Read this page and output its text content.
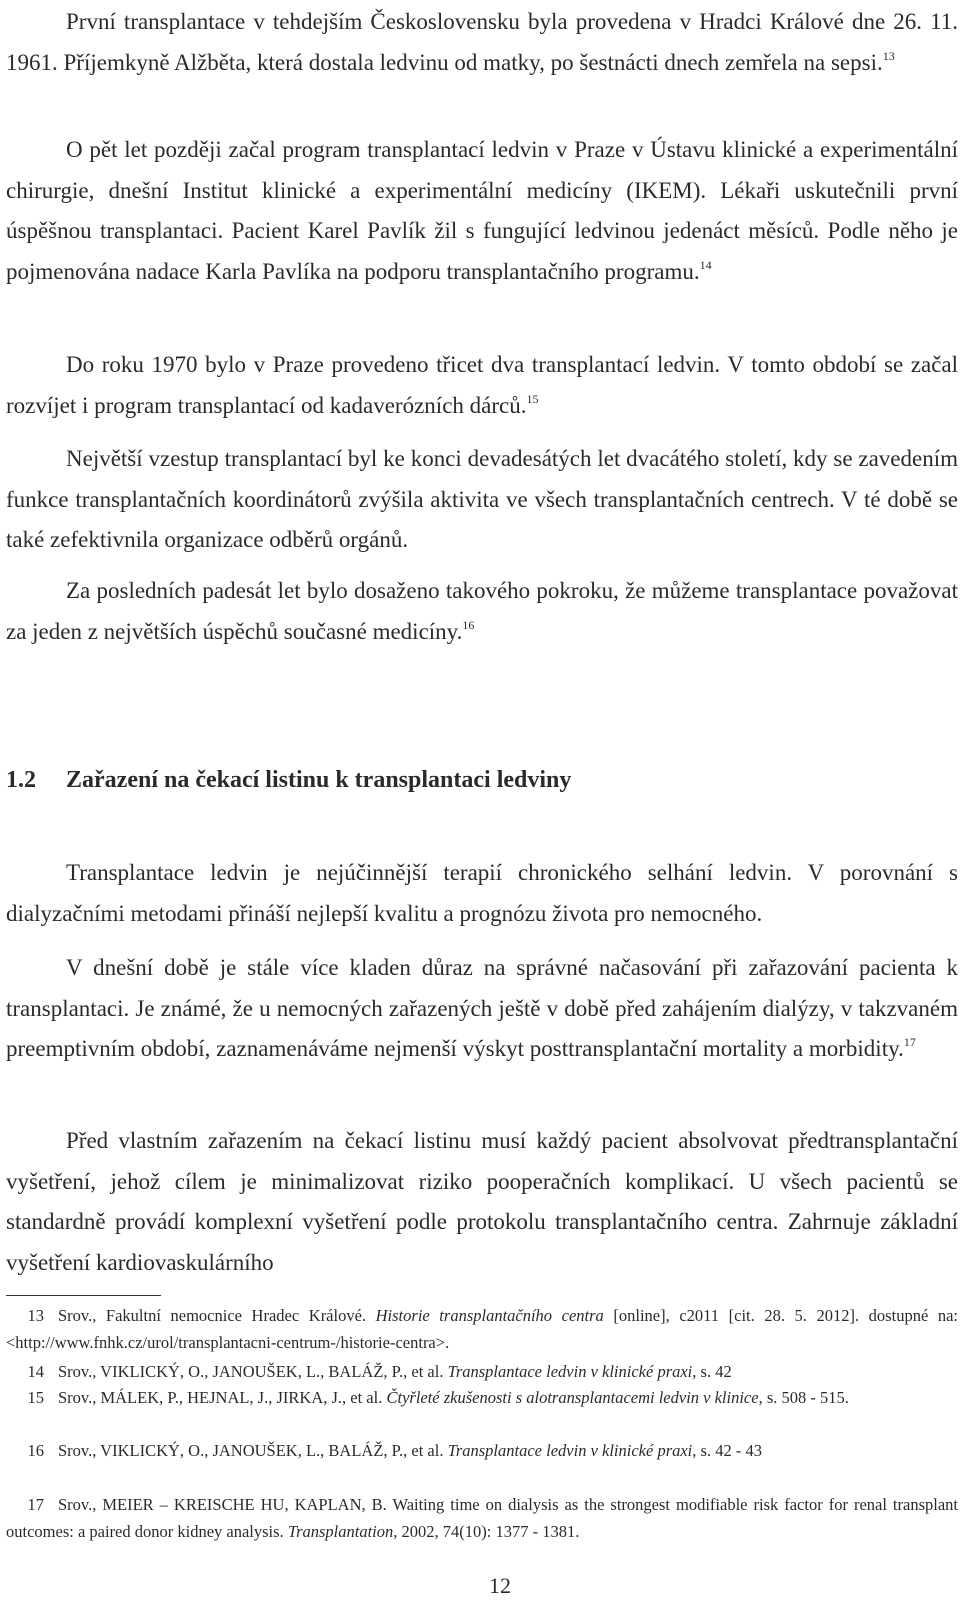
První transplantace v tehdejším Československu byla provedena v Hradci Králové dne 26. 11. 1961. Příjemkyně Alžběta, která dostala ledvinu od matky, po šestnácti dnech zemřela na sepsi.$^{13}$

O pět let později začal program transplantací ledvin v Praze v Ústavu klinické a experimentální chirurgie, dnešní Institut klinické a experimentální medicíny (IKEM). Lékaři uskutečnili první úspěšnou transplantaci. Pacient Karel Pavlík žil s fungující ledvinou jedenáct měsíců. Podle něho je pojmenována nadace Karla Pavlíka na podporu transplantačního programu.$^{14}$

Do roku 1970 bylo v Praze provedeno třicet dva transplantací ledvin. V tomto období se začal rozvíjet i program transplantací od kadaverózních dárců.$^{15}$

Největší vzestup transplantací byl ke konci devadesátých let dvacátého století, kdy se zavedením funkce transplantačních koordinátorů zvýšila aktivita ve všech transplantačních centrech. V té době se také zefektivnila organizace odběrů orgánů.

Za posledních padesát let bylo dosaženo takového pokroku, že můžeme transplantace považovat za jeden z největších úspěchů současné medicíny.$^{16}$

1.2 Zařazení na čekací listinu k transplantaci ledviny

Transplantace ledvin je nejúčinnější terapií chronického selhání ledvin. V porovnání s dialyzačními metodami přináší nejlepší kvalitu a prognózu života pro nemocného.

V dnešní době je stále více kladen důraz na správné načasování při zařazování pacienta k transplantaci. Je známé, že u nemocných zařazených ještě v době před zahájením dialýzy, v takzvaném preemptivním období, zaznamenáváme nejmenší výskyt posttransplantační mortality a morbidity.$^{17}$

Před vlastním zařazením na čekací listinu musí každý pacient absolvovat předtransplantační vyšetření, jehož cílem je minimalizovat riziko pooperačních komplikací. U všech pacientů se standardně provádí komplexní vyšetření podle protokolu transplantačního centra. Zahrnuje základní vyšetření kardiovaskulárního

13 Srov., Fakultní nemocnice Hradec Králové. Historie transplantačního centra [online], c2011 [cit. 28. 5. 2012]. dostupné na: <http://www.fnhk.cz/urol/transplantacni-centrum-/historie-centra>.

14 Srov., VIKLICKÝ, O., JANOUŠEK, L., BALÁŽ, P., et al. Transplantace ledvin v klinické praxi, s. 42

15 Srov., MÁLEK, P., HEJNAL, J., JIRKA, J., et al. Čtyřleté zkušenosti s alotransplantacemi ledvin v klinice, s. 508 - 515.

16 Srov., VIKLICKÝ, O., JANOUŠEK, L., BALÁŽ, P., et al. Transplantace ledvin v klinické praxi, s. 42 - 43

17 Srov., MEIER – KREISCHE HU, KAPLAN, B. Waiting time on dialysis as the strongest modifiable risk factor for renal transplant outcomes: a paired donor kidney analysis. Transplantation, 2002, 74(10): 1377 - 1381.

12
